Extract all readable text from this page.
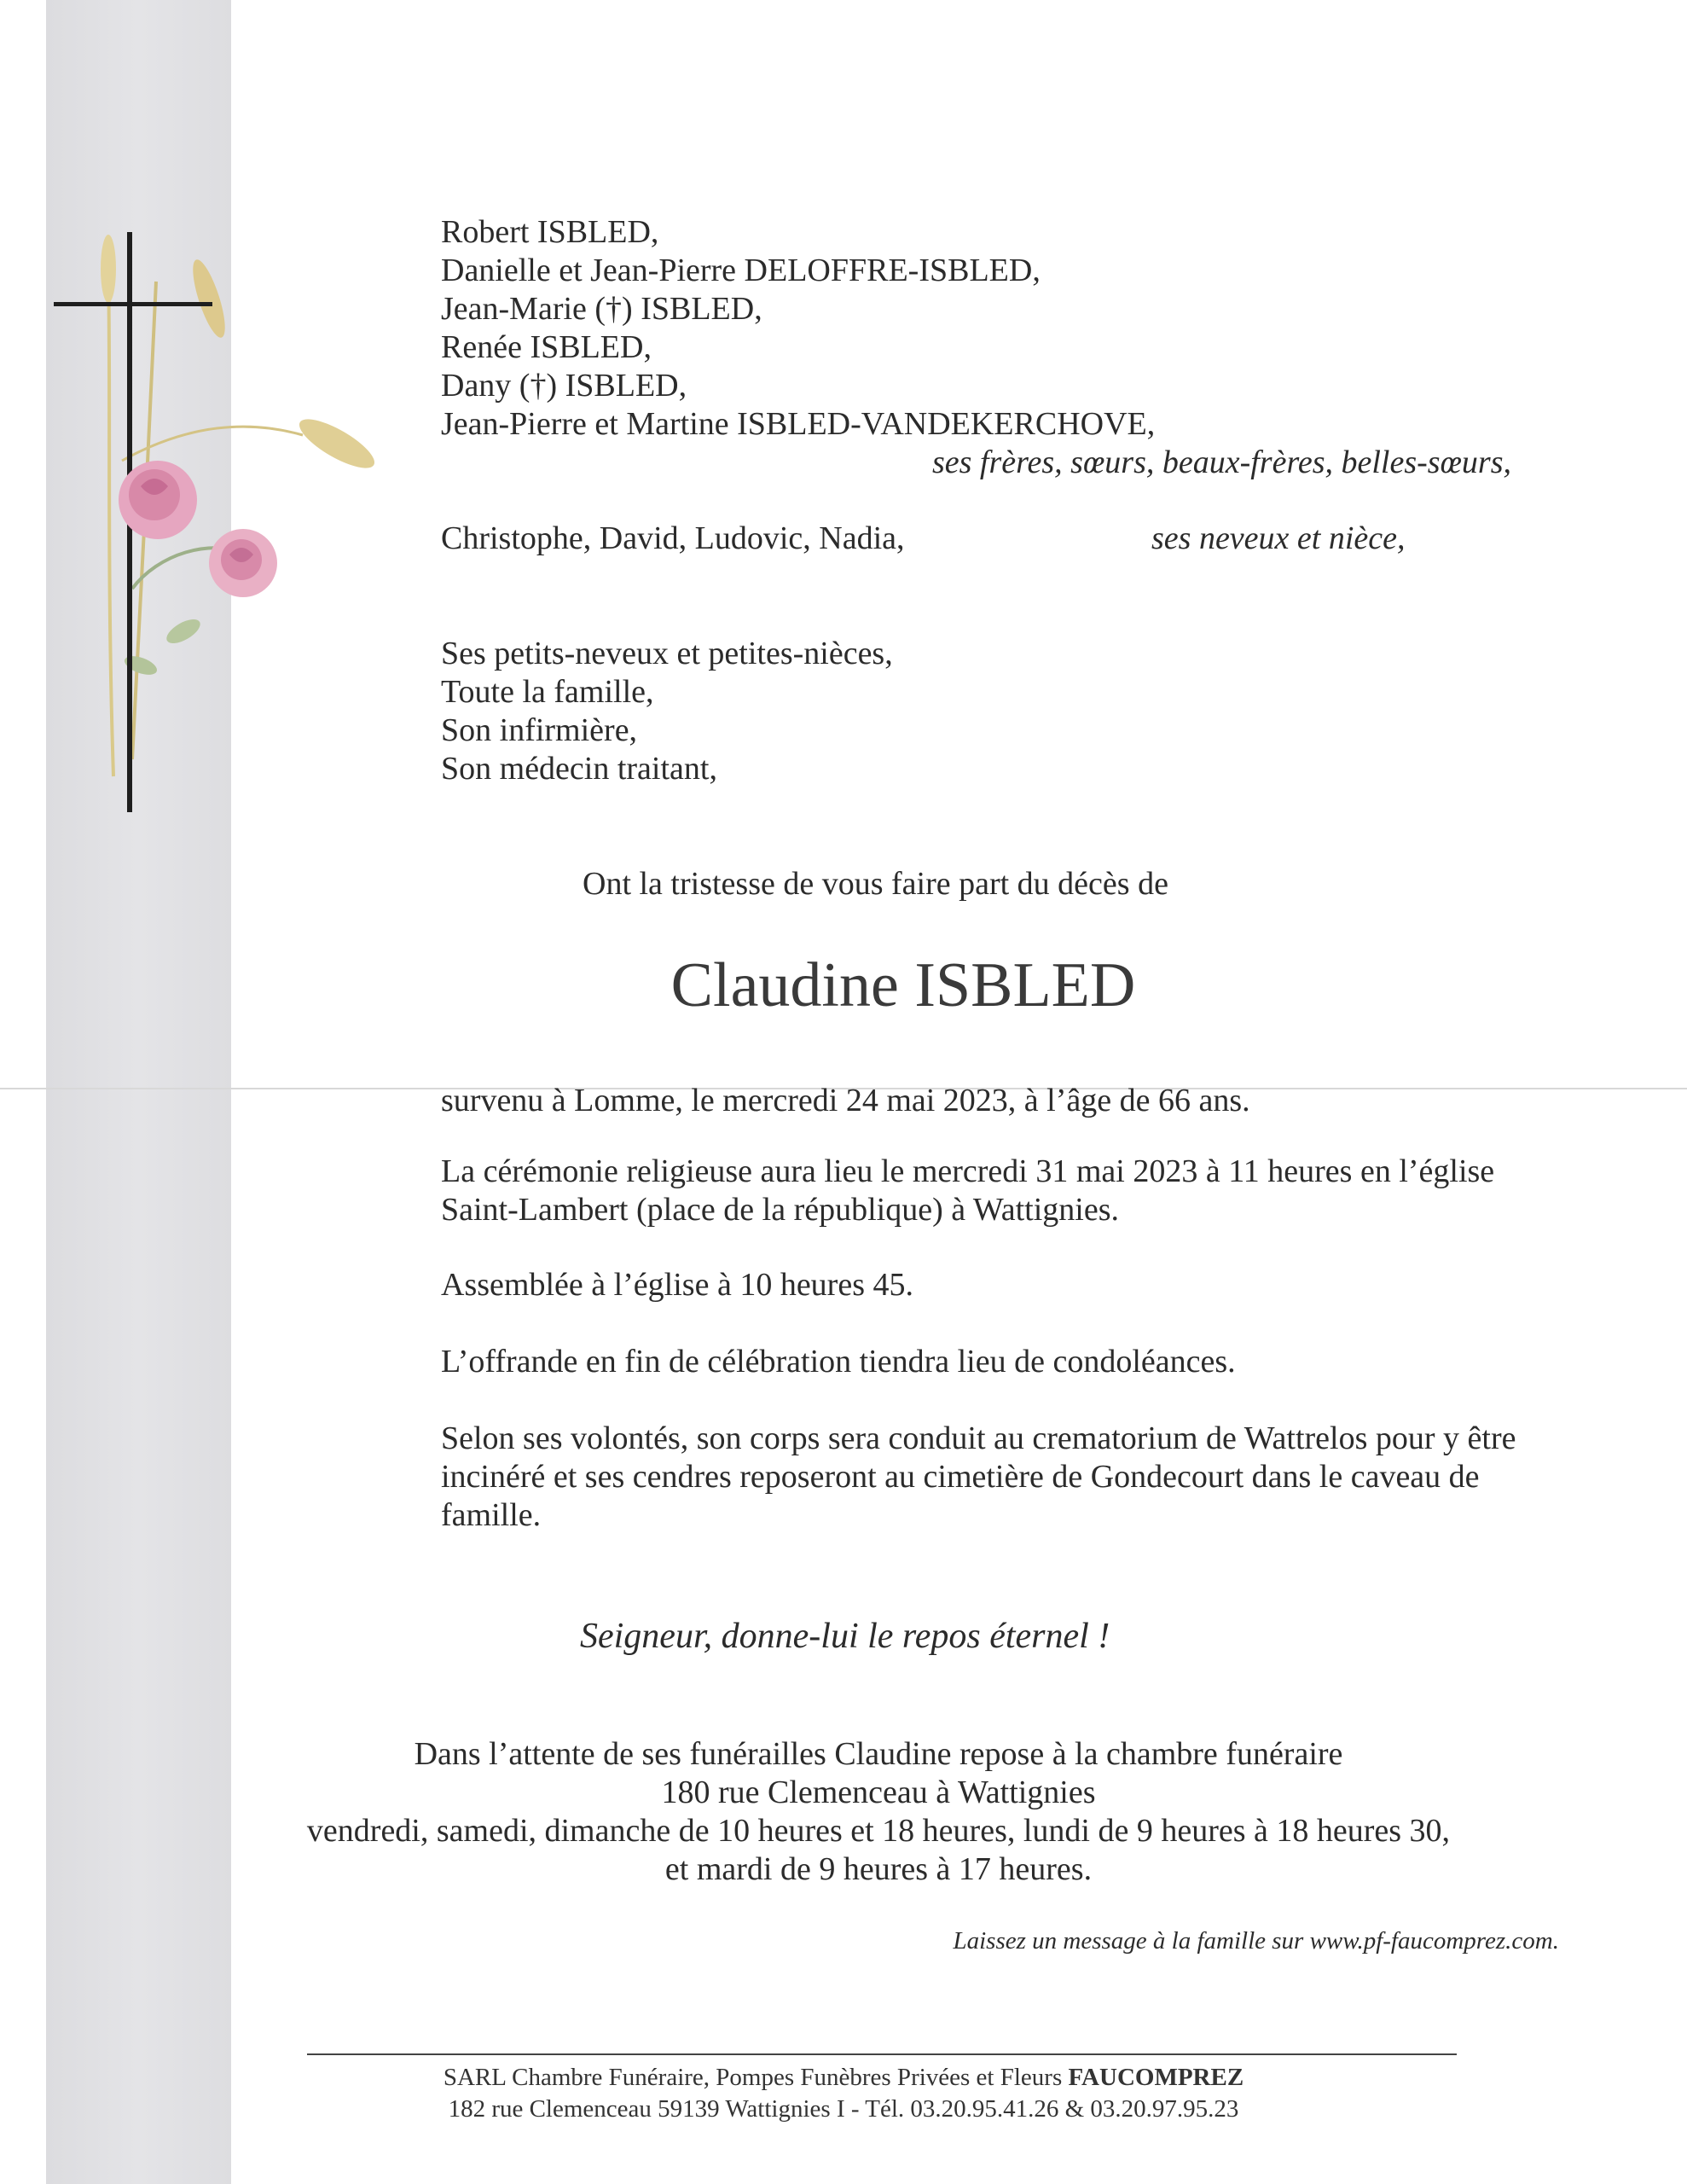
Robert ISBLED,

Danielle et Jean-Pierre DELOFFRE-ISBLED,

Jean-Marie (†) ISBLED,

Renée ISBLED,

Dany (†) ISBLED,

Jean-Pierre et Martine ISBLED-VANDEKERCHOVE,

ses frères, sœurs, beaux-frères, belles-sœurs,

Christophe, David, Ludovic, Nadia,	ses neveux et nièce,

Ses petits-neveux et petites-nièces,

Toute la famille,

Son infirmière,

Son médecin traitant,

Ont la tristesse de vous faire part du décès de

Claudine ISBLED

survenu à Lomme, le mercredi 24 mai 2023, à l’âge de 66 ans.

La cérémonie religieuse aura lieu le mercredi 31 mai 2023 à 11 heures en l’église

Saint-Lambert (place de la république) à Wattignies.

Assemblée à l’église à 10 heures 45.

L’offrande en fin de célébration tiendra lieu de condoléances.

Selon ses volontés, son corps sera conduit au crematorium de Wattrelos pour y être

incinéré et ses cendres reposeront au cimetière de Gondecourt dans le caveau de

famille.

Seigneur, donne-lui le repos éternel !

Dans l’attente de ses funérailles Claudine repose à la chambre funéraire

180 rue Clemenceau à Wattignies

vendredi, samedi, dimanche de 10 heures et 18 heures, lundi de 9 heures à 18 heures 30,

et mardi de 9 heures à 17 heures.

Laissez un message à la famille sur www.pf-faucomprez.com.

SARL Chambre Funéraire, Pompes Funèbres Privées et Fleurs FAUCOMPREZ

182 rue Clemenceau 59139 Wattignies I - Tél. 03.20.95.41.26 & 03.20.97.95.23
